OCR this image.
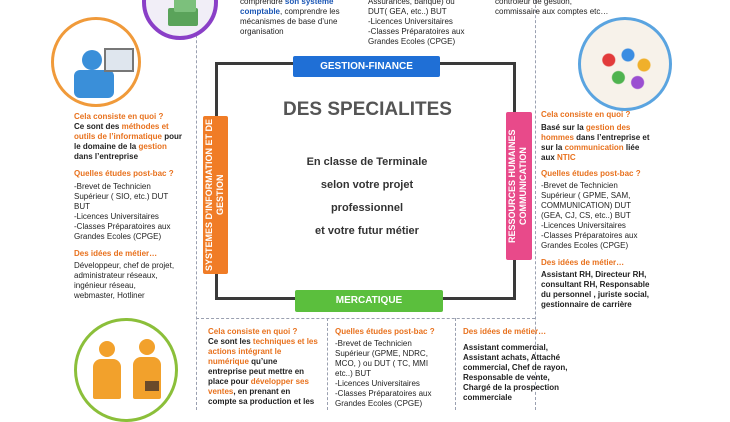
comprendre son système
comptable, comprendre les
mécanismes de base d’une
organisation
Assurances, banque) ou
DUT( GEA, etc..) BUT
-Licences Universitaires
-Classes Préparatoires aux
Grandes Ecoles (CPGE)
contrôleur de gestion,
commissaire aux comptes etc…
GESTION-FINANCE
DES SPECIALITES
En classe de Terminale
selon votre projet
professionnel
et votre futur métier
SYSTEMES D'INFORMATION ET DE GESTION	RESSOURCES HUMAINES COMMUNICATION
MERCATIQUE
Cela consiste en quoi ?
Ce sont des méthodes et
outils de l’informatique pour
le domaine de la gestion
dans l’entreprise
Quelles études post-bac ?
-Brevet de Technicien
Supérieur ( SIO, etc.) DUT
BUT
-Licences Universitaires
-Classes Préparatoires aux
Grandes Ecoles (CPGE)
Des idées de métier…
Développeur, chef de projet,
administrateur réseaux,
ingénieur réseau,
webmaster, Hotliner
Cela consiste en quoi ?
Basé sur la gestion des
hommes dans l’entreprise et
sur la communication liée
aux NTIC
Quelles études post-bac ?
-Brevet de Technicien
Supérieur ( GPME, SAM,
COMMUNICATION) DUT
(GEA, CJ, CS, etc..) BUT
-Licences Universitaires
-Classes Préparatoires aux
Grandes Ecoles (CPGE)
Des idées de métier…
Assistant RH, Directeur RH,
consultant RH, Responsable
du personnel , juriste social,
gestionnaire de carrière
Cela consiste en quoi ?
Ce sont les techniques et les
actions intégrant le
numérique qu’une
entreprise peut mettre en
place pour développer ses
ventes, en prenant en
compte sa production et les
Quelles études post-bac ?
-Brevet de Technicien
Supérieur (GPME, NDRC,
MCO, ) ou DUT ( TC, MMI
etc..) BUT
-Licences Universitaires
-Classes Préparatoires aux
Grandes Ecoles (CPGE)
Des idées de métier…
Assistant commercial,
Assistant achats, Attaché
commercial, Chef de rayon,
Responsable de vente,
Chargé de la prospection
commerciale
